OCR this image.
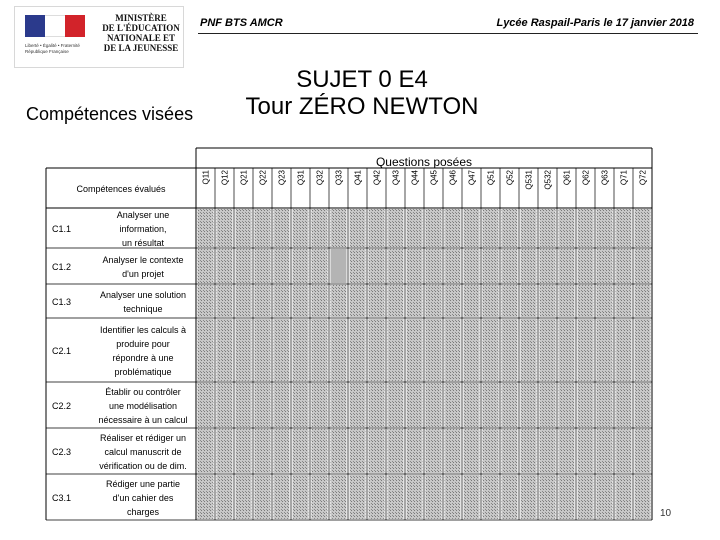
Liberté • Égalité • Fraternité
République Française
MINISTÈRE
DE L'ÉDUCATION
NATIONALE ET
DE LA JEUNESSE
PNF BTS AMCR	Lycée Raspail-Paris le 17 janvier 2018
SUJET 0 E4
Tour ZÉRO NEWTON
Compétences visées
Questions posées
Compétences évalués
Q11 Q12 Q21 Q22 Q23 Q31 Q32 Q33 Q41 Q42 Q43 Q44 Q45 Q46 Q47 Q51 Q52 Q531 Q532 Q61 Q62 Q63 Q71 Q72
C1.1
Analyser une
information,
un résultat
C1.2
Analyser le contexte
d'un projet
C1.3
Analyser une solution
technique
C2.1
Identifier les calculs à
produire pour
répondre à une
problématique
C2.2
Établir ou contrôler
une modélisation
nécessaire à un calcul
C2.3
Réaliser et rédiger un
calcul manuscrit de
vérification ou de dim.
C3.1
Rédiger une partie
d'un cahier des
charges	10
